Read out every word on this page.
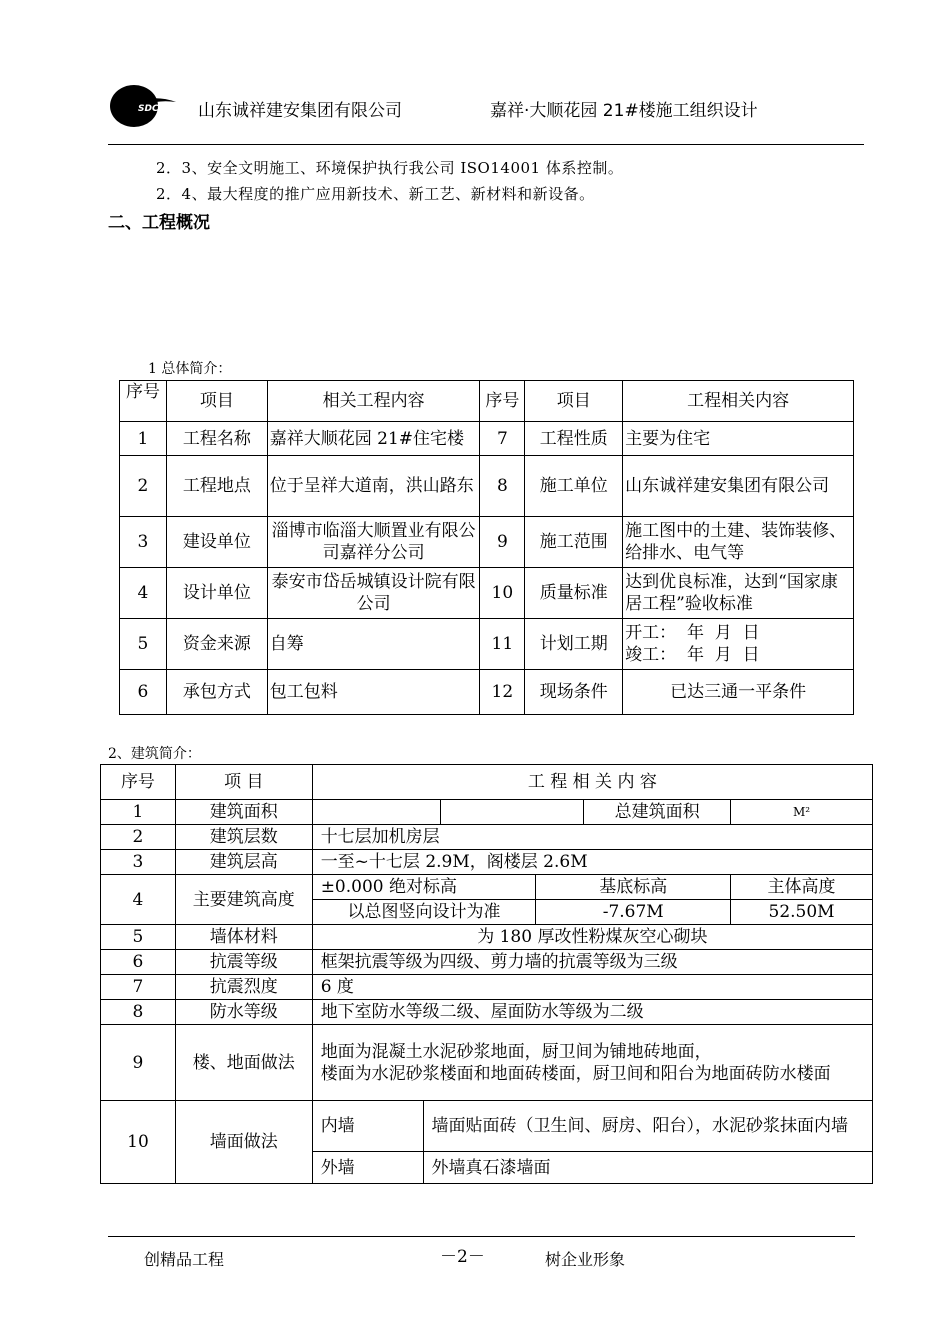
SDCX 山东诚祥建安集团有限公司	嘉祥·大顺花园 21#楼施工组织设计
2．3、安全文明施工、环境保护执行我公司 ISO14001 体系控制。
2．4、最大程度的推广应用新技术、新工艺、新材料和新设备。
二、工程概况
1 总体简介：
序号	项目	相关工程内容	序号	项目	工程相关内容
1	工程名称	嘉祥大顺花园 21#住宅楼	7	工程性质	主要为住宅
2	工程地点	位于呈祥大道南，洪山路东	8	施工单位	山东诚祥建安集团有限公司
3	建设单位	淄博市临淄大顺置业有限公司嘉祥分公司	9	施工范围	施工图中的土建、装饰装修、给排水、电气等
4	设计单位	泰安市岱岳城镇设计院有限公司	10	质量标准	达到优良标准，达到“国家康居工程”验收标准
5	资金来源	自筹	11	计划工期	开工：  年  月  日
竣工：  年  月  日

6	承包方式	包工包料	12	现场条件	已达三通一平条件
2、建筑简介：
序号	项 目	工 程 相 关 内 容					
1	建筑面积					总建筑面积	M²
2	建筑层数	十七层加机房层					
3	建筑层高	一至~十七层 2.9M，阁楼层 2.6M					
4	主要建筑高度	±0.000 绝对标高			基底标高		主体高度
		以总图竖向设计为准			-7.67M		52.50M
5	墙体材料	为 180 厚改性粉煤灰空心砌块					
6	抗震等级	框架抗震等级为四级、剪力墙的抗震等级为三级					
7	抗震烈度	6 度					
8	防水等级	地下室防水等级二级、屋面防水等级为二级					
9	楼、地面做法	地面为混凝土水泥砂浆地面，厨卫间为铺地砖地面，
楼面为水泥砂浆楼面和地面砖楼面，厨卫间和阳台为地面砖防水楼面					

10	墙面做法	内墙	墙面贴面砖（卫生间、厨房、阳台），水泥砂浆抹面内墙				
		外墙	外墙真石漆墙面				
创精品工程	－2－	树企业形象
